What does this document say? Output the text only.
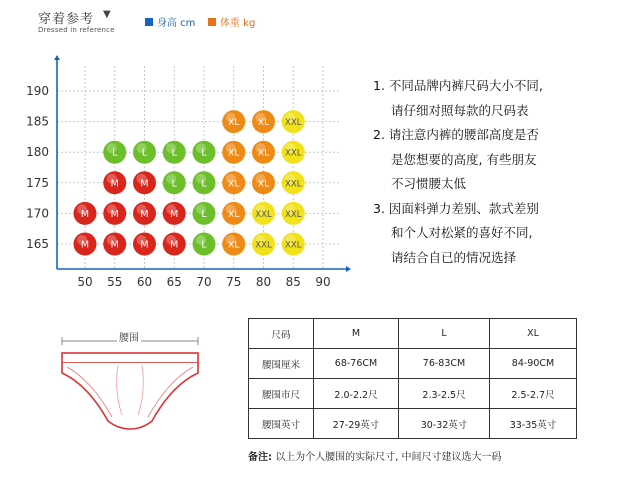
穿着参考 ▼
Dressed in reference
身高 cm 体重 kg
50 55 60 65 70 75 80 85 90
165
170
175
180
185
190
M M M M L XL XXL XXL
M M M M L XL XXL XXL
M M L	L XL XL XXL
L	L	L	L XL XL XXL
XL XL XXL
1. 不同品牌内裤尺码大小不同,
请仔细对照每款的尺码表
2. 请注意内裤的腰部高度是否
是您想要的高度, 有些朋友
不习惯腰太低
3. 因面料弹力差别、款式差别
和个人对松紧的喜好不同,
请结合自已的情况选择
腰围	尺码	M	L	XL
腰围厘米	68-76CM	76-83CM	84-90CM
腰围市尺	2.0-2.2尺	2.3-2.5尺	2.5-2.7尺
腰围英寸	27-29英寸	30-32英寸	33-35英寸
备注: 以上为个人腰围的实际尺寸, 中间尺寸建议选大一码
